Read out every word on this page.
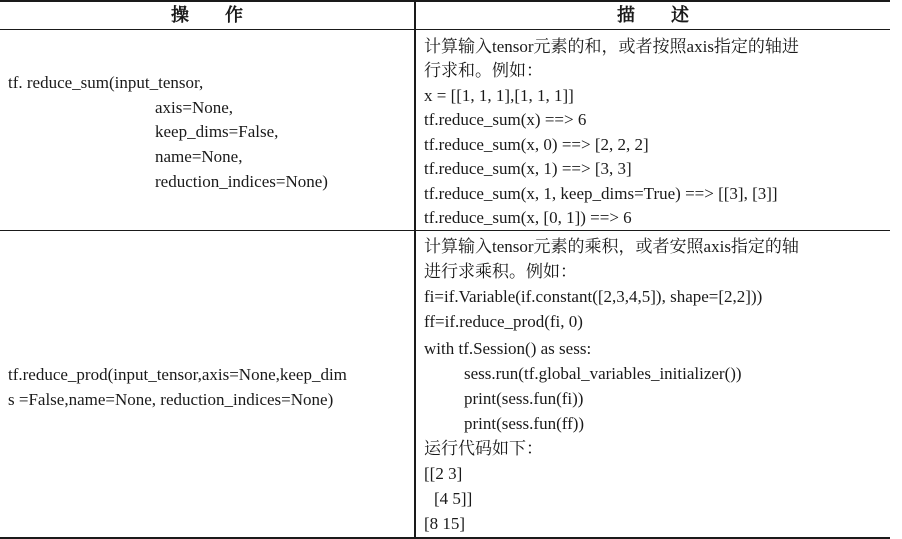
操　　作	描　　述
tf. reduce_sum(input_tensor,
axis=None,
keep_dims=False,
name=None,
reduction_indices=None)
计算输入tensor元素的和，或者按照axis指定的轴进
行求和。例如：
x = [[1, 1, 1],[1, 1, 1]]
tf.reduce_sum(x) ==> 6
tf.reduce_sum(x, 0) ==> [2, 2, 2]
tf.reduce_sum(x, 1) ==> [3, 3]
tf.reduce_sum(x, 1, keep_dims=True) ==> [[3], [3]]
tf.reduce_sum(x, [0, 1]) ==> 6
tf.reduce_prod(input_tensor,axis=None,keep_dim
s =False,name=None, reduction_indices=None)
计算输入tensor元素的乘积，或者安照axis指定的轴
进行求乘积。例如：
fi=if.Variable(if.constant([2,3,4,5]), shape=[2,2]))
ff=if.reduce_prod(fi, 0)
with tf.Session() as sess:
sess.run(tf.global_variables_initializer())
print(sess.fun(fi))
print(sess.fun(ff))
运行代码如下：
[[2 3]
[4 5]]
[8 15]
